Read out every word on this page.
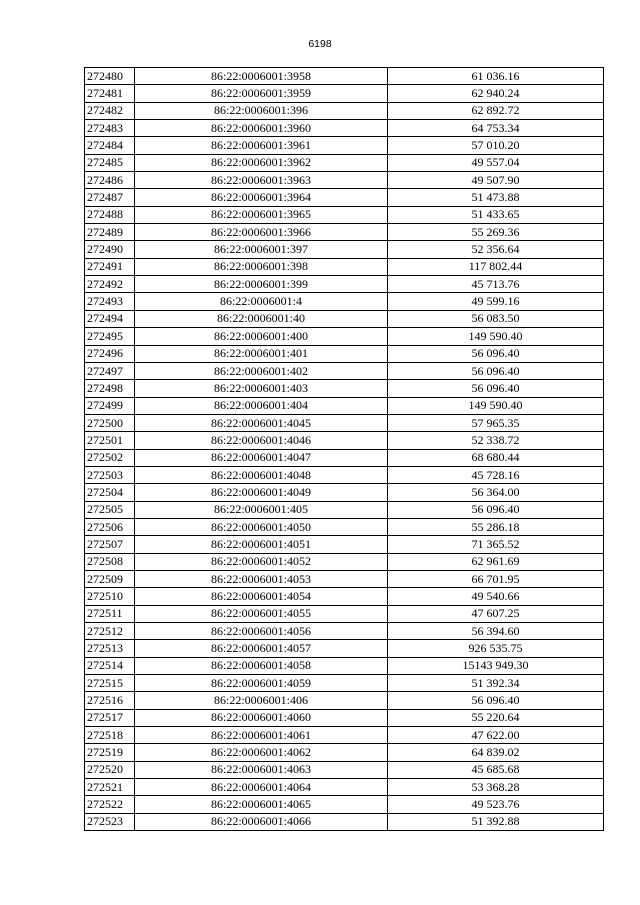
6198
272480	86:22:0006001:3958	61 036.16
272481	86:22:0006001:3959	62 940.24
272482	86:22:0006001:396	62 892.72
272483	86:22:0006001:3960	64 753.34
272484	86:22:0006001:3961	57 010.20
272485	86:22:0006001:3962	49 557.04
272486	86:22:0006001:3963	49 507.90
272487	86:22:0006001:3964	51 473.88
272488	86:22:0006001:3965	51 433.65
272489	86:22:0006001:3966	55 269.36
272490	86:22:0006001:397	52 356.64
272491	86:22:0006001:398	117 802.44
272492	86:22:0006001:399	45 713.76
272493	86:22:0006001:4	49 599.16
272494	86:22:0006001:40	56 083.50
272495	86:22:0006001:400	149 590.40
272496	86:22:0006001:401	56 096.40
272497	86:22:0006001:402	56 096.40
272498	86:22:0006001:403	56 096.40
272499	86:22:0006001:404	149 590.40
272500	86:22:0006001:4045	57 965.35
272501	86:22:0006001:4046	52 338.72
272502	86:22:0006001:4047	68 680.44
272503	86:22:0006001:4048	45 728.16
272504	86:22:0006001:4049	56 364.00
272505	86:22:0006001:405	56 096.40
272506	86:22:0006001:4050	55 286.18
272507	86:22:0006001:4051	71 365.52
272508	86:22:0006001:4052	62 961.69
272509	86:22:0006001:4053	66 701.95
272510	86:22:0006001:4054	49 540.66
272511	86:22:0006001:4055	47 607.25
272512	86:22:0006001:4056	56 394.60
272513	86:22:0006001:4057	926 535.75
272514	86:22:0006001:4058	15143 949.30
272515	86:22:0006001:4059	51 392.34
272516	86:22:0006001:406	56 096.40
272517	86:22:0006001:4060	55 220.64
272518	86:22:0006001:4061	47 622.00
272519	86:22:0006001:4062	64 839.02
272520	86:22:0006001:4063	45 685.68
272521	86:22:0006001:4064	53 368.28
272522	86:22:0006001:4065	49 523.76
272523	86:22:0006001:4066	51 392.88
